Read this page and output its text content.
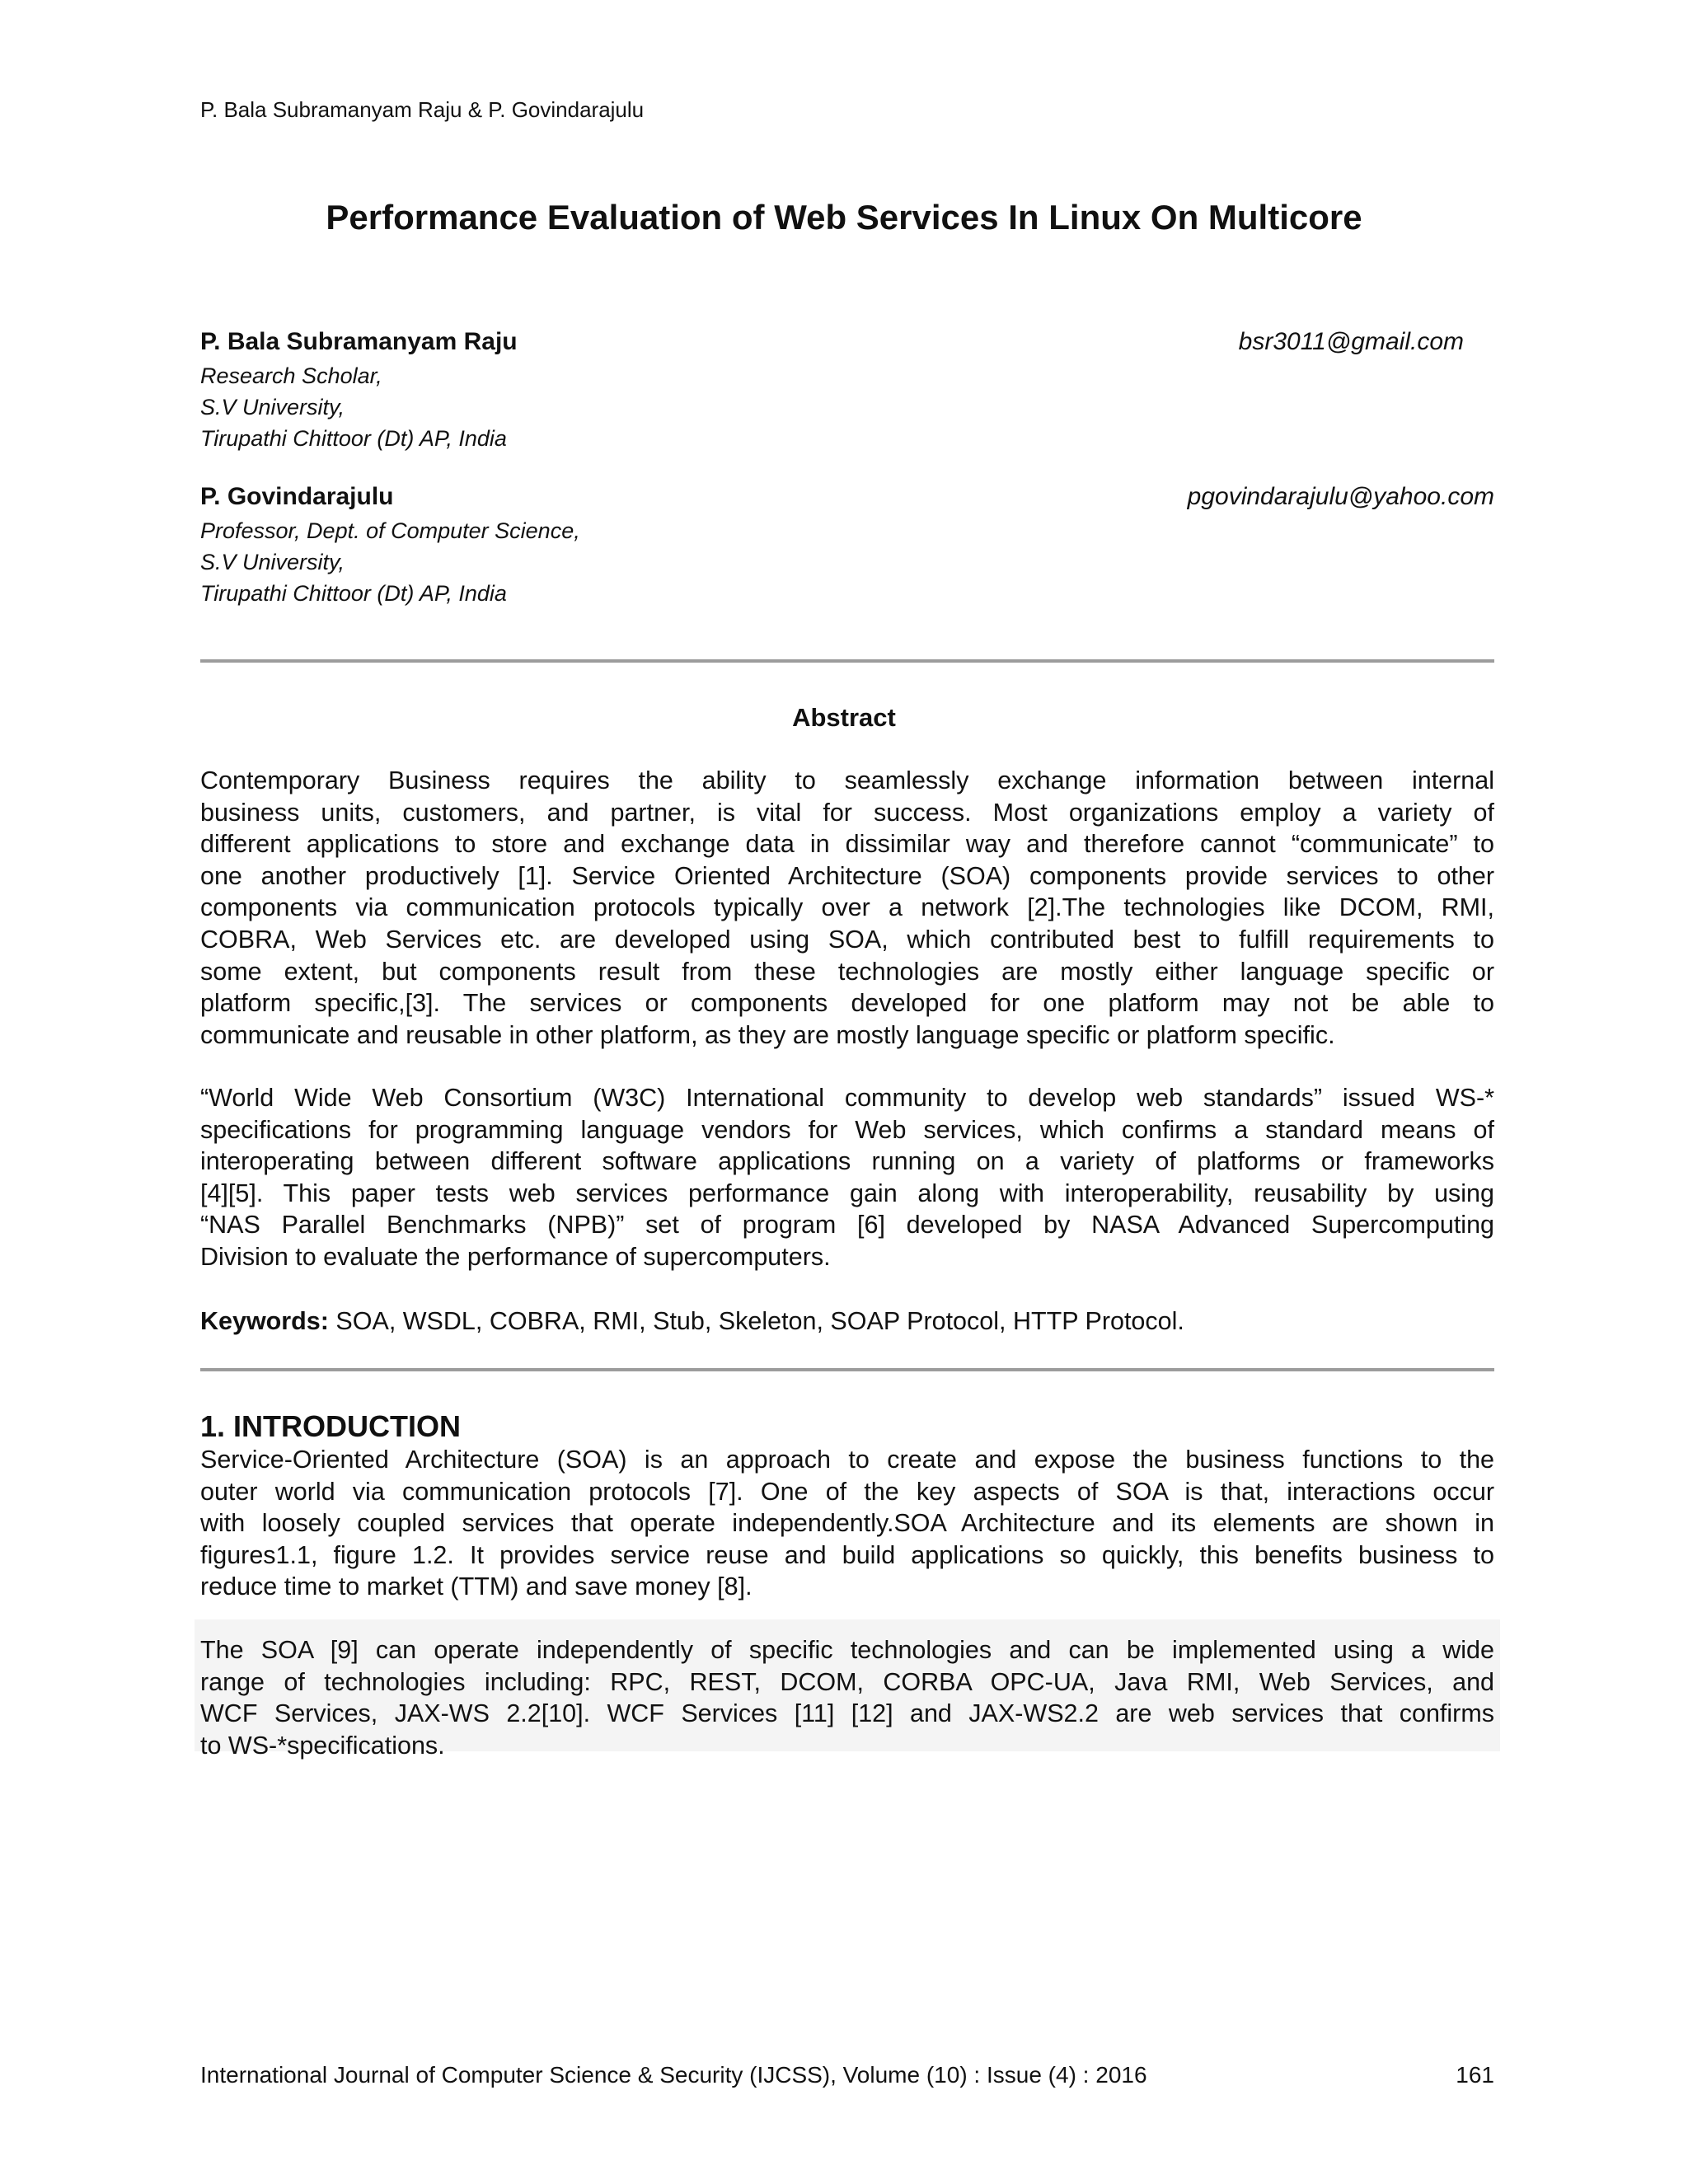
P. Bala Subramanyam Raju & P. Govindarajulu
Performance Evaluation of Web Services In Linux On Multicore
P. Bala Subramanyam Raju	bsr3011@gmail.com
Research Scholar,
S.V University,
Tirupathi Chittoor (Dt) AP, India
P. Govindarajulu	pgovindarajulu@yahoo.com
Professor, Dept. of Computer Science,
S.V University,
Tirupathi Chittoor (Dt) AP, India
Abstract
Contemporary Business requires the ability to seamlessly exchange information between internal
business units, customers, and partner, is vital for success. Most organizations employ a variety of
different applications to store and exchange data in dissimilar way and therefore cannot “communicate” to
one another productively [1]. Service Oriented Architecture (SOA) components provide services to other
components via communication protocols typically over a network [2].The technologies like DCOM, RMI,
COBRA, Web Services etc. are developed using SOA, which contributed best to fulfill requirements to
some extent, but components result from these technologies are mostly either language specific or
platform specific,[3]. The services or components developed for one platform may not be able to
communicate and reusable in other platform, as they are mostly language specific or platform specific.
“World Wide Web Consortium (W3C) International community to develop web standards” issued WS-*
specifications for programming language vendors for Web services, which confirms a standard means of
interoperating between different software applications running on a variety of platforms or frameworks
[4][5]. This paper tests web services performance gain along with interoperability, reusability by using
“NAS Parallel Benchmarks (NPB)” set of program [6] developed by NASA Advanced Supercomputing
Division to evaluate the performance of supercomputers.
Keywords: SOA, WSDL, COBRA, RMI, Stub, Skeleton, SOAP Protocol, HTTP Protocol.
1. INTRODUCTION
Service-Oriented Architecture (SOA) is an approach to create and expose the business functions to the
outer world via communication protocols [7]. One of the key aspects of SOA is that, interactions occur
with loosely coupled services that operate independently.SOA Architecture and its elements are shown in
figures1.1, figure 1.2. It provides service reuse and build applications so quickly, this benefits business to
reduce time to market (TTM) and save money [8].
The SOA [9] can operate independently of specific technologies and can be implemented using a wide
range of technologies including: RPC, REST, DCOM, CORBA OPC-UA, Java RMI, Web Services, and
WCF Services, JAX-WS 2.2[10]. WCF Services [11] [12] and JAX-WS2.2 are web services that confirms
to WS-*specifications.
International Journal of Computer Science & Security (IJCSS), Volume (10) : Issue (4) : 2016	161
